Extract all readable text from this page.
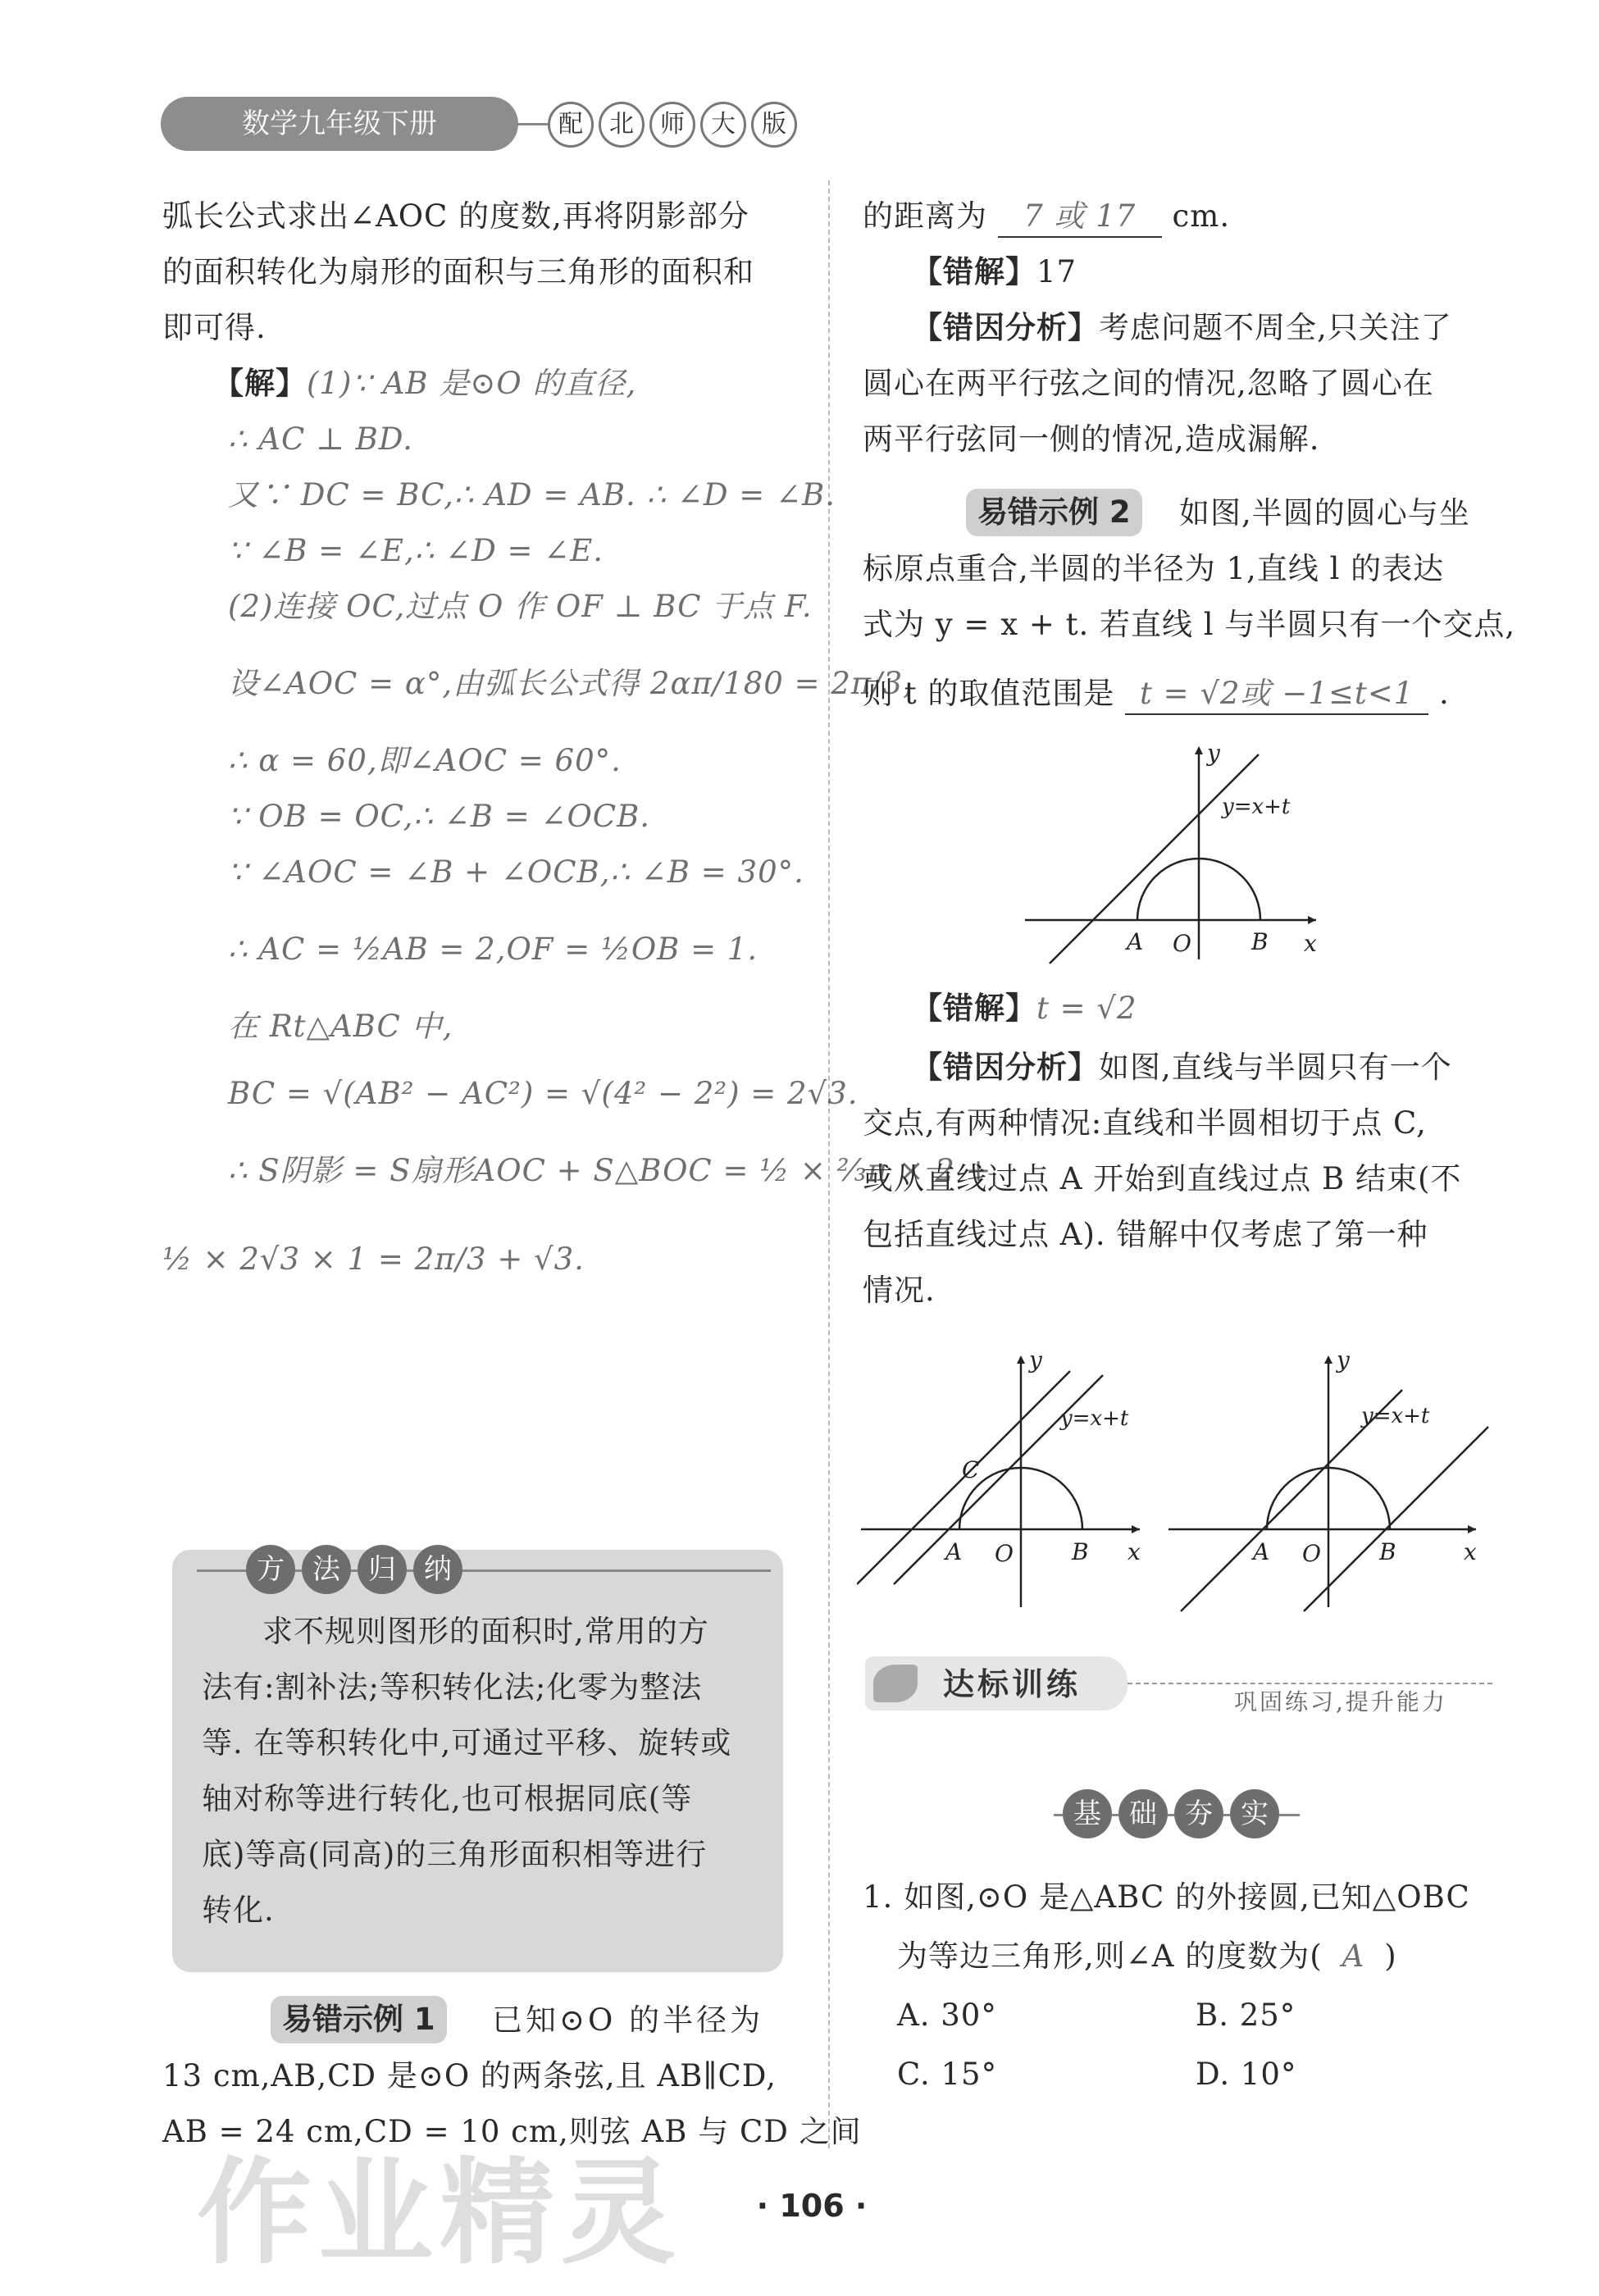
数学九年级下册	配	北	师	大	版
弧长公式求出∠AOC 的度数,再将阴影部分
的面积转化为扇形的面积与三角形的面积和
即可得.
【解】(1)∵ AB 是⊙O 的直径,
∴ AC ⊥ BD.
又∵ DC = BC,∴ AD = AB. ∴ ∠D = ∠B.
∵ ∠B = ∠E,∴ ∠D = ∠E.
(2)连接 OC,过点 O 作 OF ⊥ BC 于点 F.
设∠AOC = α°,由弧长公式得 2απ/180 = 2π/3,
∴ α = 60,即∠AOC = 60°.
∵ OB = OC,∴ ∠B = ∠OCB.
∵ ∠AOC = ∠B + ∠OCB,∴ ∠B = 30°.
∴ AC = ½AB = 2,OF = ½OB = 1.
在 Rt△ABC 中,
BC = √(AB² − AC²) = √(4² − 2²) = 2√3.
∴ S阴影 = S扇形AOC + S△BOC = ½ × ⅔π × 2 +
½ × 2√3 × 1 = 2π/3 + √3.
方	法	归	纳
求不规则图形的面积时,常用的方
法有:割补法;等积转化法;化零为整法
等. 在等积转化中,可通过平移、旋转或
轴对称等进行转化,也可根据同底(等
底)等高(同高)的三角形面积相等进行
转化.
易错示例 1	已知⊙O 的半径为
13 cm,AB,CD 是⊙O 的两条弦,且 AB∥CD,
AB = 24 cm,CD = 10 cm,则弦 AB 与 CD 之间
的距离为 7 或 17 cm.
【错解】17
【错因分析】考虑问题不周全,只关注了
圆心在两平行弦之间的情况,忽略了圆心在
两平行弦同一侧的情况,造成漏解.
易错示例 2	如图,半圆的圆心与坐
标原点重合,半圆的半径为 1,直线 l 的表达
式为 y = x + t. 若直线 l 与半圆只有一个交点,
则 t 的取值范围是 t = √2或 −1≤t<1 .
y
x
A O	B
y=x+t
【错解】t = √2
【错因分析】如图,直线与半圆只有一个
交点,有两种情况:直线和半圆相切于点 C,
或从直线过点 A 开始到直线过点 B 结束(不
包括直线过点 A). 错解中仅考虑了第一种
情况.
y
x
A O	B
C
y=x+t
y
x
A O	B
y=x+t
达标训练	巩固练习,提升能力
基	础	夯	实
1. 如图,⊙O 是△ABC 的外接圆,已知△OBC
为等边三角形,则∠A 的度数为( A )
A. 30°	B. 25°
C. 15°	D. 10°
· 106 ·
作业精灵
